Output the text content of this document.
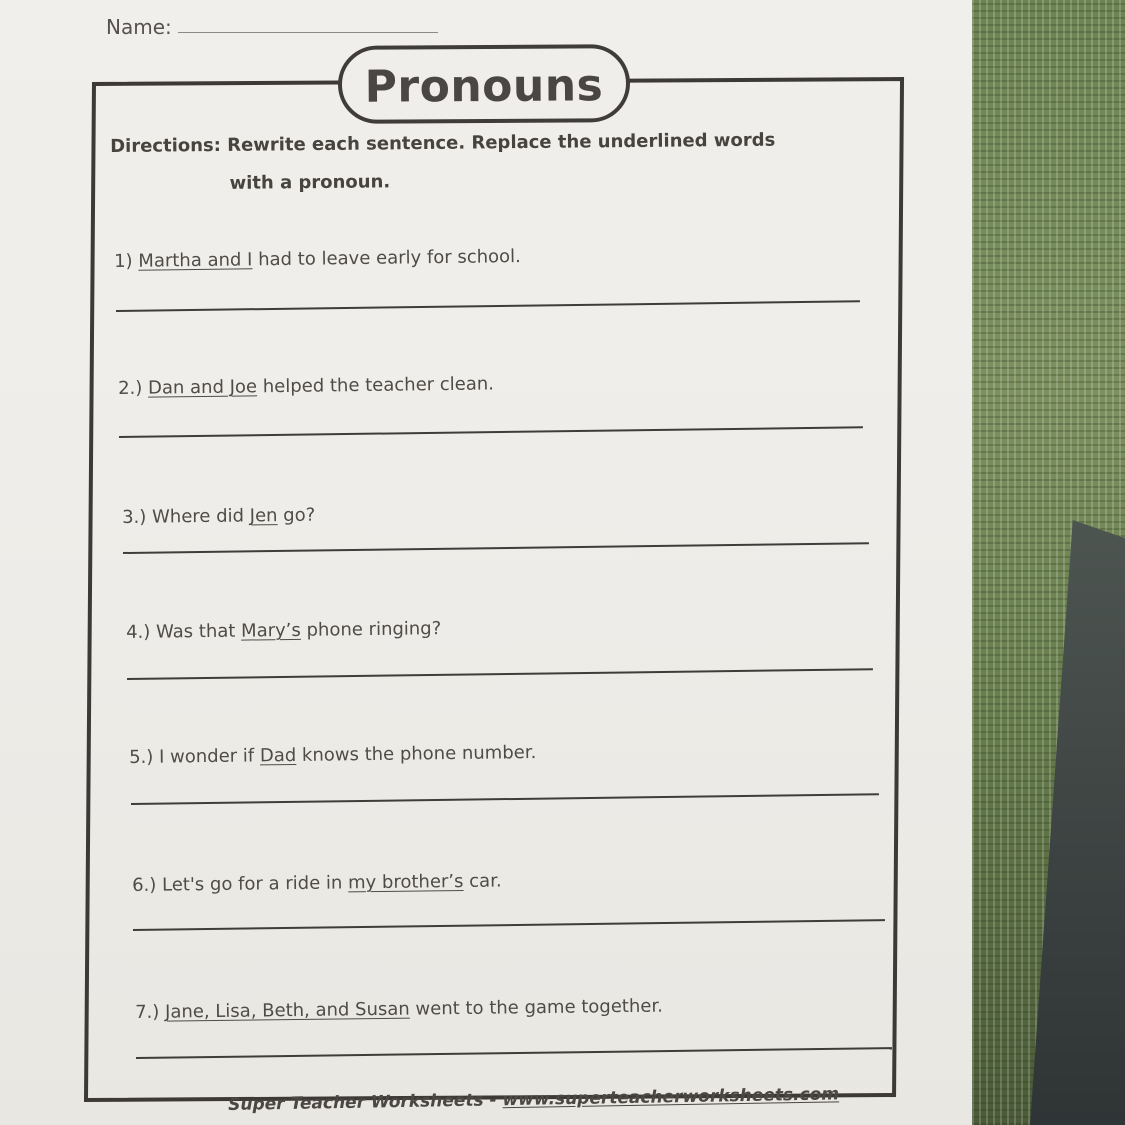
Name:
Pronouns
Directions: Rewrite each sentence. Replace the underlined words
with a pronoun.
1) Martha and I had to leave early for school.
2.) Dan and Joe helped the teacher clean.
3.) Where did Jen go?
4.) Was that Mary’s phone ringing?
5.) I wonder if Dad knows the phone number.
6.) Let's go for a ride in my brother’s car.
7.) Jane, Lisa, Beth, and Susan went to the game together.
Super Teacher Worksheets - www.superteacherworksheets.com
